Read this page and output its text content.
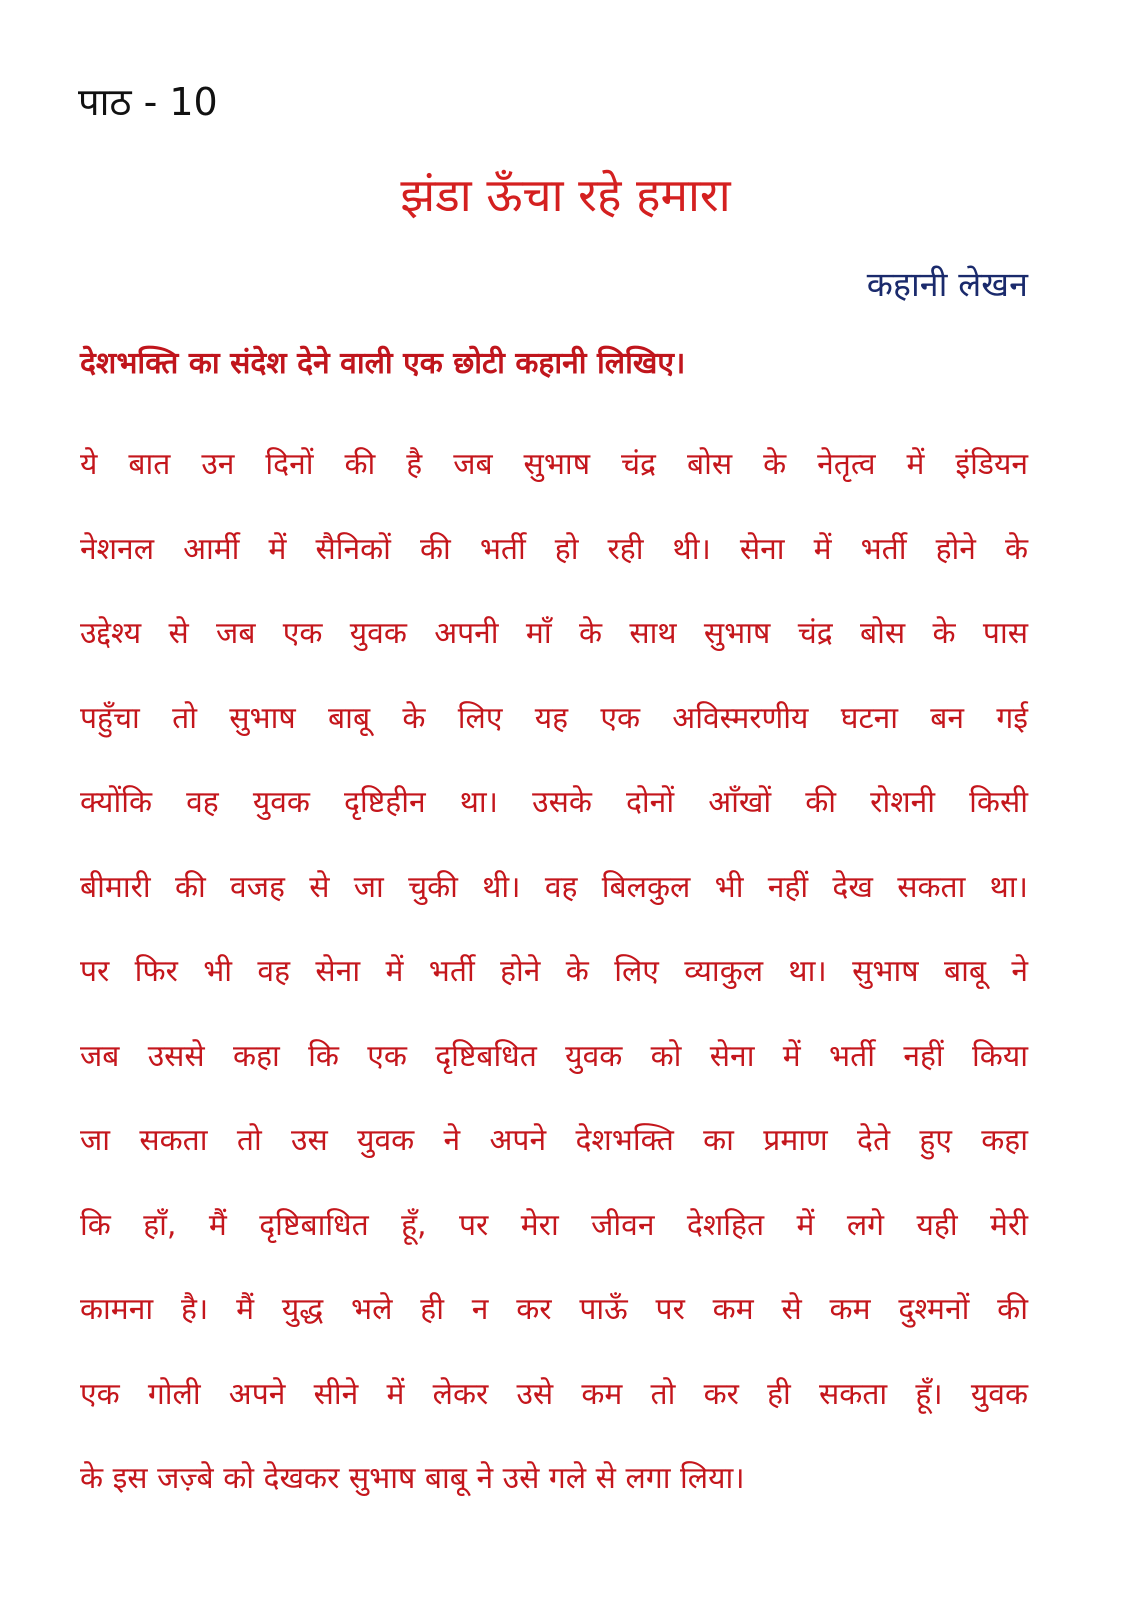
पाठ - 10
झंडा ऊँचा रहे हमारा
कहानी लेखन
देशभक्ति का संदेश देने वाली एक छोटी कहानी लिखिए।
ये बात उन दिनों की है जब सुभाष चंद्र बोस के नेतृत्व में इंडियन
नेशनल आर्मी में सैनिकों की भर्ती हो रही थी। सेना में भर्ती होने के
उद्देश्य से जब एक युवक अपनी माँ के साथ सुभाष चंद्र बोस के पास
पहुँचा तो सुभाष बाबू के लिए यह एक अविस्मरणीय घटना बन गई
क्योंकि वह युवक दृष्टिहीन था। उसके दोनों आँखों की रोशनी किसी
बीमारी की वजह से जा चुकी थी। वह बिलकुल भी नहीं देख सकता था।
पर फिर भी वह सेना में भर्ती होने के लिए व्याकुल था। सुभाष बाबू ने
जब उससे कहा कि एक दृष्टिबधित युवक को सेना में भर्ती नहीं किया
जा सकता तो उस युवक ने अपने देशभक्ति का प्रमाण देते हुए कहा
कि हाँ, मैं दृष्टिबाधित हूँ, पर मेरा जीवन देशहित में लगे यही मेरी
कामना है। मैं युद्ध भले ही न कर पाऊँ पर कम से कम दुश्मनों की
एक गोली अपने सीने में लेकर उसे कम तो कर ही सकता हूँ। युवक
के इस जज़्बे को देखकर सुभाष बाबू ने उसे गले से लगा लिया।
